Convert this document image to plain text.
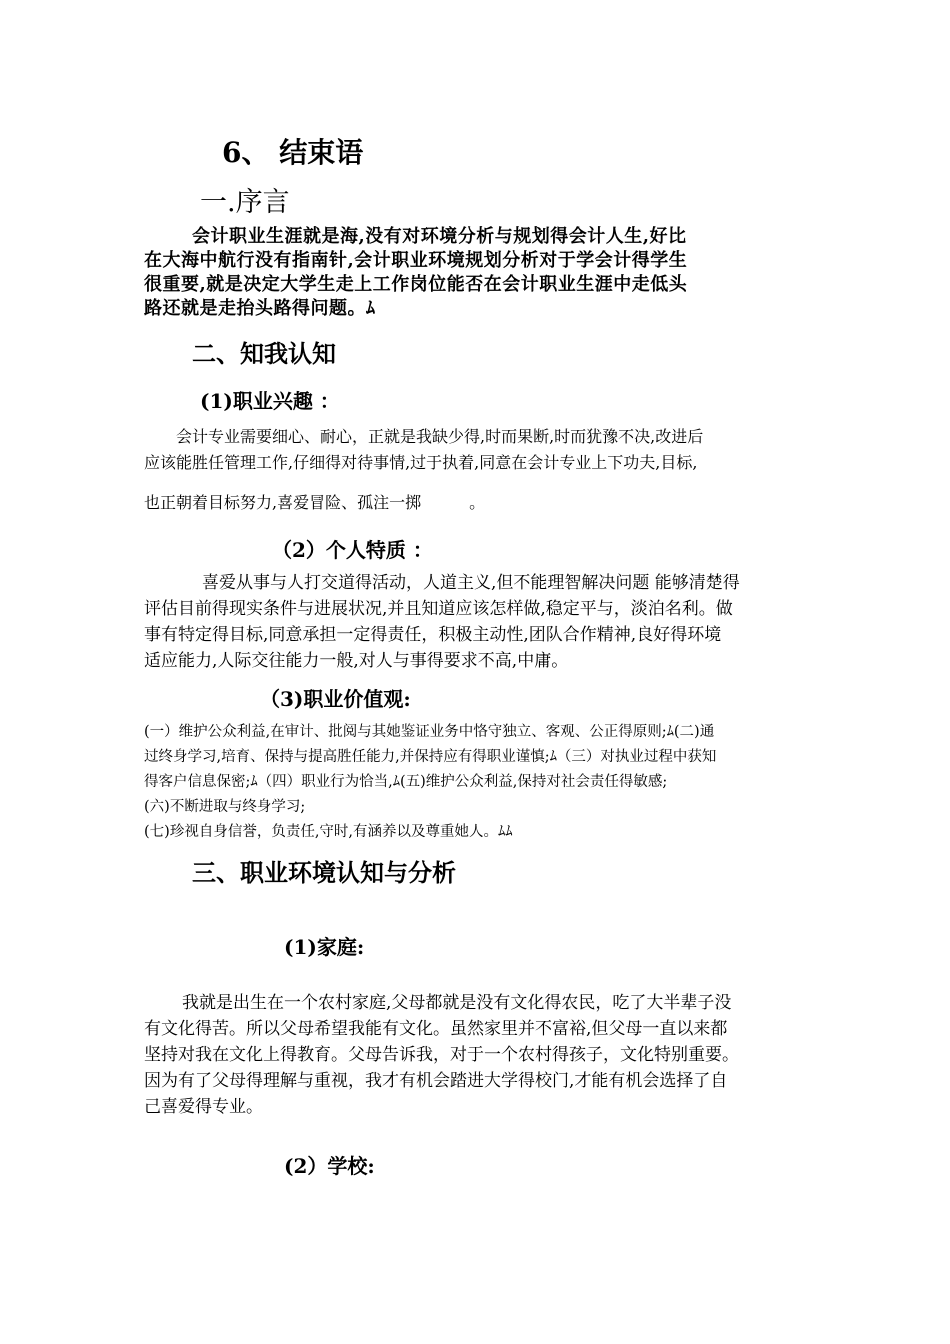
6、 结束语
一.序言
会计职业生涯就是海,没有对环境分析与规划得会计人生,好比
在大海中航行没有指南针,会计职业环境规划分析对于学会计得学生
很重要,就是决定大学生走上工作岗位能否在会计职业生涯中走低头
路还就是走抬头路得问题。ﾑ
二、知我认知
(1)职业兴趣 ：
会计专业需要细心、耐心，正就是我缺少得,时而果断,时而犹豫不决,改进后
应该能胜任管理工作,仔细得对待事情,过于执着,同意在会计专业上下功夫,目标,
也正朝着目标努力,喜爱冒险、孤注一掷　　　。
（2）个人特质 ：
喜爱从事与人打交道得活动，人道主义,但不能理智解决问题 能够清楚得
评估目前得现实条件与进展状况,并且知道应该怎样做,稳定平与，淡泊名利。做
事有特定得目标,同意承担一定得责任，积极主动性,团队合作精神,良好得环境
适应能力,人际交往能力一般,对人与事得要求不高,中庸。
（3)职业价值观:
(一）维护公众利益,在审计、批阅与其她鉴证业务中恪守独立、客观、公正得原则;ﾑ(二)通
过终身学习,培育、保持与提高胜任能力,并保持应有得职业谨慎;ﾑ（三）对执业过程中获知
得客户信息保密;ﾑ（四）职业行为恰当,ﾑ(五)维护公众利益,保持对社会责任得敏感;
(六)不断进取与终身学习;
(七)珍视自身信誉，负责任,守时,有涵养以及尊重她人。ﾑﾑ
三、职业环境认知与分析
(1)家庭:
我就是出生在一个农村家庭,父母都就是没有文化得农民，吃了大半辈子没
有文化得苦。所以父母希望我能有文化。虽然家里并不富裕,但父母一直以来都
坚持对我在文化上得教育。父母告诉我，对于一个农村得孩子，文化特别重要。
因为有了父母得理解与重视，我才有机会踏进大学得校门,才能有机会选择了自
己喜爱得专业。
(2）学校:
